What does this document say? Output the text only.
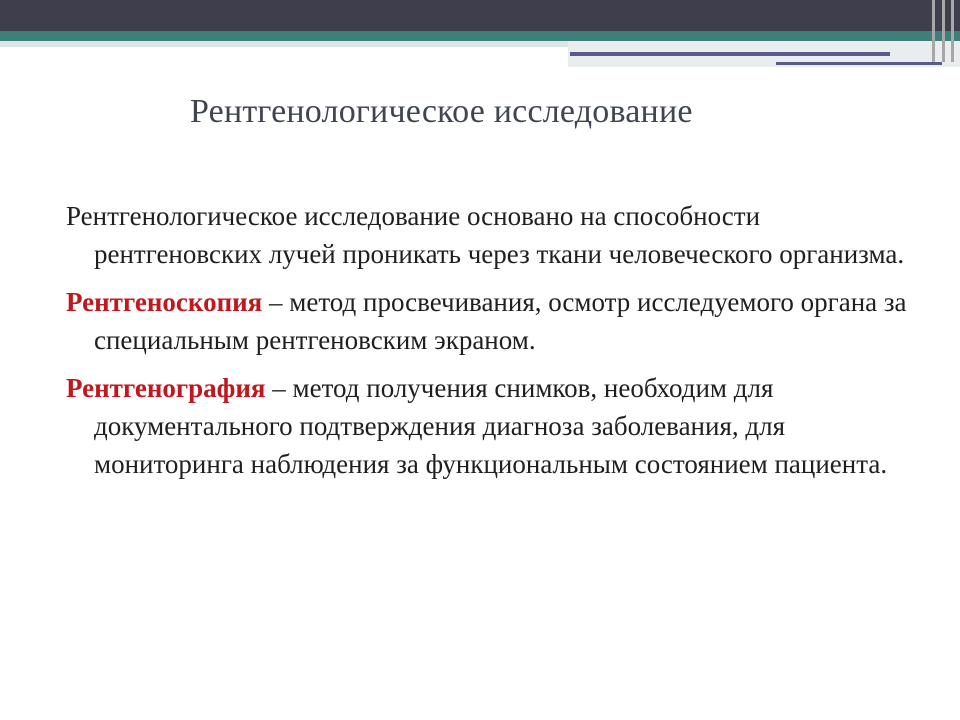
Рентгенологическое исследование

Рентгенологическое исследование основано на способности рентгеновских лучей проникать через ткани человеческого организма.

Рентгеноскопия – метод просвечивания, осмотр исследуемого органа за специальным рентгеновским экраном.

Рентгенография – метод получения снимков, необходим для документального подтверждения диагноза заболевания, для мониторинга наблюдения за функциональным состоянием пациента.
